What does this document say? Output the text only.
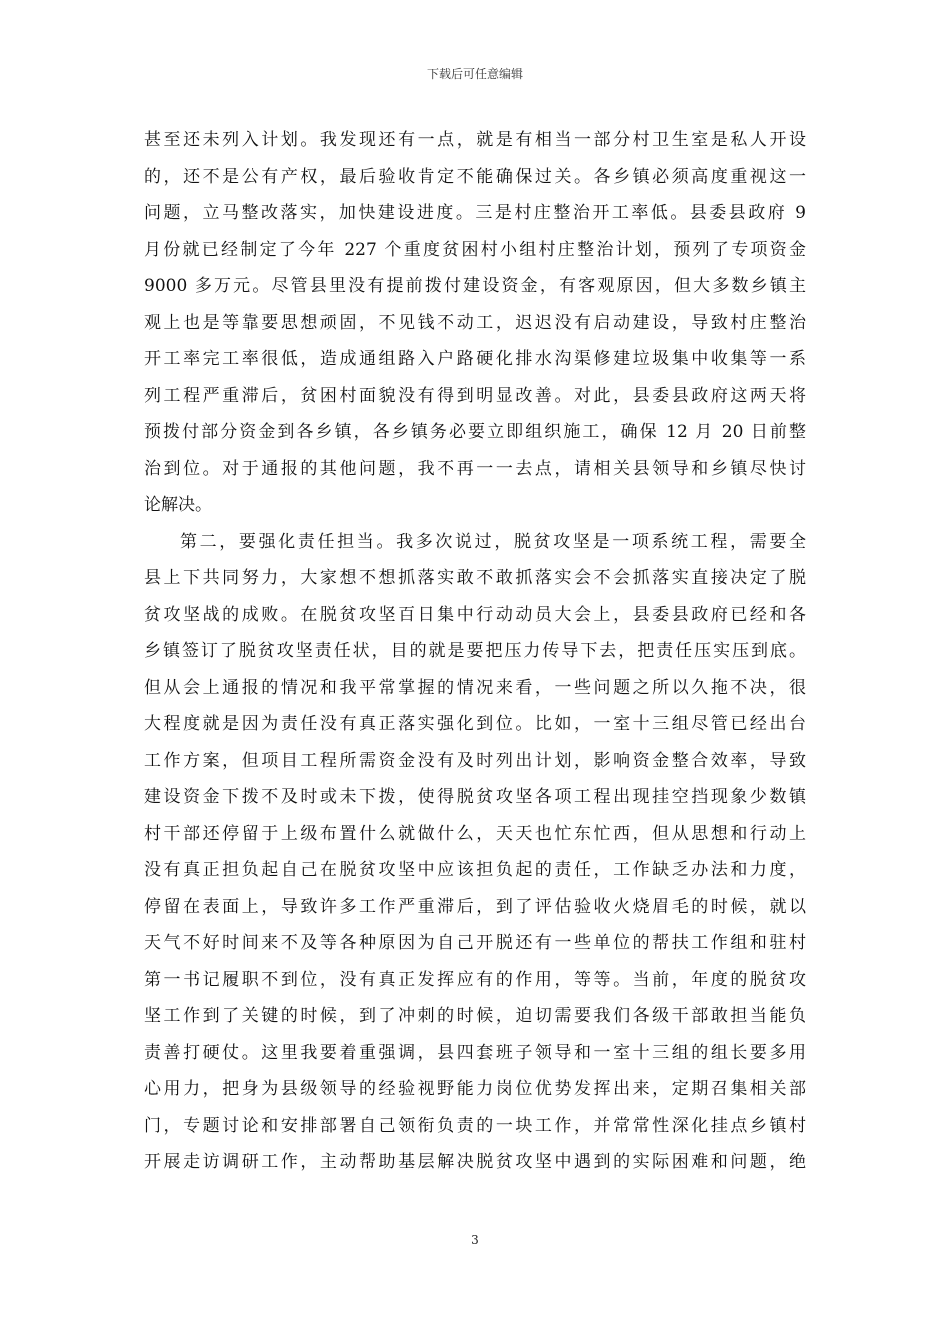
下载后可任意编辑
甚至还未列入计划。我发现还有一点，就是有相当一部分村卫生室是私人开设
的，还不是公有产权，最后验收肯定不能确保过关。各乡镇必须高度重视这一
问题，立马整改落实，加快建设进度。三是村庄整治开工率低。县委县政府 9
月份就已经制定了今年 227 个重度贫困村小组村庄整治计划，预列了专项资金
9000 多万元。尽管县里没有提前拨付建设资金，有客观原因，但大多数乡镇主
观上也是等靠要思想顽固，不见钱不动工，迟迟没有启动建设，导致村庄整治
开工率完工率很低，造成通组路入户路硬化排水沟渠修建垃圾集中收集等一系
列工程严重滞后，贫困村面貌没有得到明显改善。对此，县委县政府这两天将
预拨付部分资金到各乡镇，各乡镇务必要立即组织施工，确保 12 月 20 日前整
治到位。对于通报的其他问题，我不再一一去点，请相关县领导和乡镇尽快讨
论解决。
第二，要强化责任担当。我多次说过，脱贫攻坚是一项系统工程，需要全
县上下共同努力，大家想不想抓落实敢不敢抓落实会不会抓落实直接决定了脱
贫攻坚战的成败。在脱贫攻坚百日集中行动动员大会上，县委县政府已经和各
乡镇签订了脱贫攻坚责任状，目的就是要把压力传导下去，把责任压实压到底。
但从会上通报的情况和我平常掌握的情况来看，一些问题之所以久拖不决，很
大程度就是因为责任没有真正落实强化到位。比如，一室十三组尽管已经出台
工作方案，但项目工程所需资金没有及时列出计划，影响资金整合效率，导致
建设资金下拨不及时或未下拨，使得脱贫攻坚各项工程出现挂空挡现象少数镇
村干部还停留于上级布置什么就做什么，天天也忙东忙西，但从思想和行动上
没有真正担负起自己在脱贫攻坚中应该担负起的责任，工作缺乏办法和力度，
停留在表面上，导致许多工作严重滞后，到了评估验收火烧眉毛的时候，就以
天气不好时间来不及等各种原因为自己开脱还有一些单位的帮扶工作组和驻村
第一书记履职不到位，没有真正发挥应有的作用，等等。当前，年度的脱贫攻
坚工作到了关键的时候，到了冲刺的时候，迫切需要我们各级干部敢担当能负
责善打硬仗。这里我要着重强调，县四套班子领导和一室十三组的组长要多用
心用力，把身为县级领导的经验视野能力岗位优势发挥出来，定期召集相关部
门，专题讨论和安排部署自己领衔负责的一块工作，并常常性深化挂点乡镇村
开展走访调研工作，主动帮助基层解决脱贫攻坚中遇到的实际困难和问题，绝
3
